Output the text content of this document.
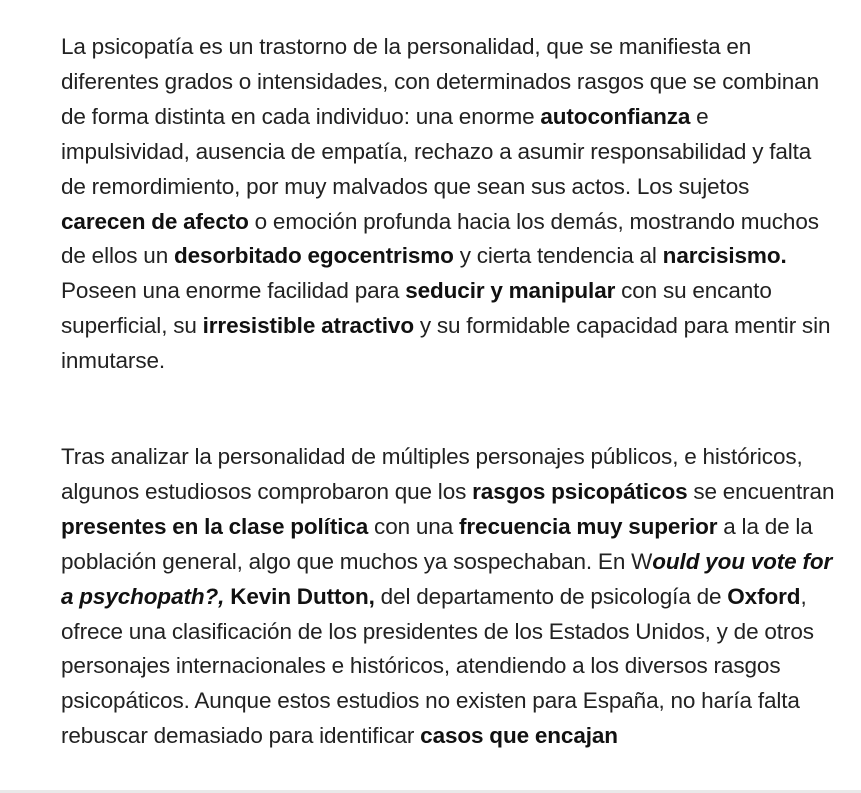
La psicopatía es un trastorno de la personalidad, que se manifiesta en diferentes grados o intensidades, con determinados rasgos que se combinan de forma distinta en cada individuo: una enorme autoconfianza e impulsividad, ausencia de empatía, rechazo a asumir responsabilidad y falta de remordimiento, por muy malvados que sean sus actos. Los sujetos carecen de afecto o emoción profunda hacia los demás, mostrando muchos de ellos un desorbitado egocentrismo y cierta tendencia al narcisismo. Poseen una enorme facilidad para seducir y manipular con su encanto superficial, su irresistible atractivo y su formidable capacidad para mentir sin inmutarse.

Tras analizar la personalidad de múltiples personajes públicos, e históricos, algunos estudiosos comprobaron que los rasgos psicopáticos se encuentran presentes en la clase política con una frecuencia muy superior a la de la población general, algo que muchos ya sospechaban. En Would you vote for a psychopath?, Kevin Dutton, del departamento de psicología de Oxford, ofrece una clasificación de los presidentes de los Estados Unidos, y de otros personajes internacionales e históricos, atendiendo a los diversos rasgos psicopáticos. Aunque estos estudios no existen para España, no haría falta rebuscar demasiado para identificar casos que encajan
